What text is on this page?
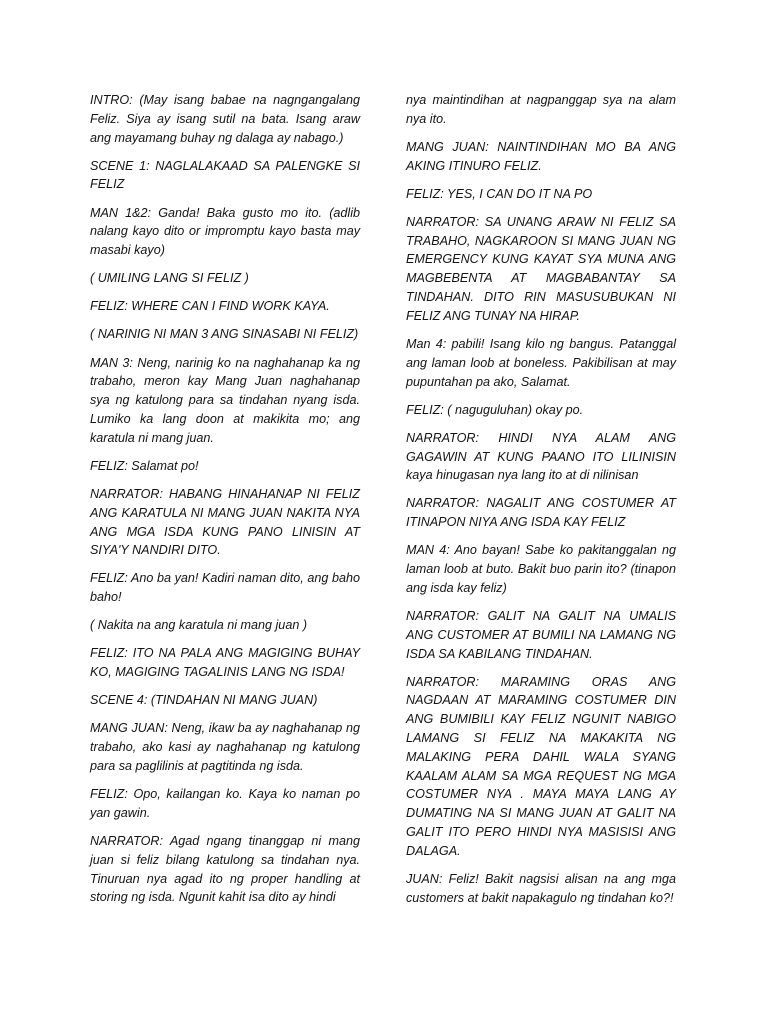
INTRO: (May isang babae na nagngangalang Feliz. Siya ay isang sutil na bata. Isang araw ang mayamang buhay ng dalaga ay nabago.)

SCENE 1: NAGLALAKAAD SA PALENGKE SI FELIZ

MAN 1&2: Ganda! Baka gusto mo ito. (adlib nalang kayo dito or impromptu kayo basta may masabi kayo)

( UMILING LANG SI FELIZ )

FELIZ: WHERE CAN I FIND WORK KAYA.

( NARINIG NI MAN 3 ANG SINASABI NI FELIZ)

MAN 3: Neng, narinig ko na naghahanap ka ng trabaho, meron kay Mang Juan naghahanap sya ng katulong para sa tindahan nyang isda. Lumiko ka lang doon at makikita mo; ang karatula ni mang juan.

FELIZ: Salamat po!

NARRATOR: HABANG HINAHANAP NI FELIZ ANG KARATULA NI MANG JUAN NAKITA NYA ANG MGA ISDA KUNG PANO LINISIN AT SIYA'Y NANDIRI DITO.

FELIZ: Ano ba yan! Kadiri naman dito, ang baho baho!

( Nakita na ang karatula ni mang juan )

FELIZ: ITO NA PALA ANG MAGIGING BUHAY KO, MAGIGING TAGALINIS LANG NG ISDA!

SCENE 4: (TINDAHAN NI MANG JUAN)

MANG JUAN: Neng, ikaw ba ay naghahanap ng trabaho, ako kasi ay naghahanap ng katulong para sa paglilinis at pagtitinda ng isda.

FELIZ: Opo, kailangan ko. Kaya ko naman po yan gawin.

NARRATOR: Agad ngang tinanggap ni mang juan si feliz bilang katulong sa tindahan nya. Tinuruan nya agad ito ng proper handling at storing ng isda. Ngunit kahit isa dito ay hindi

nya maintindihan at nagpanggap sya na alam nya ito.

MANG JUAN: NAINTINDIHAN MO BA ANG AKING ITINURO FELIZ.

FELIZ: YES, I CAN DO IT NA PO

NARRATOR: SA UNANG ARAW NI FELIZ SA TRABAHO, NAGKAROON SI MANG JUAN NG EMERGENCY KUNG KAYAT SYA MUNA ANG MAGBEBENTA AT MAGBABANTAY SA TINDAHAN. DITO RIN MASUSUBUKAN NI FELIZ ANG TUNAY NA HIRAP.

Man 4: pabili! Isang kilo ng bangus. Patanggal ang laman loob at boneless. Pakibilisan at may pupuntahan pa ako, Salamat.

FELIZ: ( naguguluhan) okay po.

NARRATOR: HINDI NYA ALAM ANG GAGAWIN AT KUNG PAANO ITO LILINISIN kaya hinugasan nya lang ito at di nilinisan

NARRATOR: NAGALIT ANG COSTUMER AT ITINAPON NIYA ANG ISDA KAY FELIZ

MAN 4: Ano bayan! Sabe ko pakitanggalan ng laman loob at buto. Bakit buo parin ito? (tinapon ang isda kay feliz)

NARRATOR: GALIT NA GALIT NA UMALIS ANG CUSTOMER AT BUMILI NA LAMANG NG ISDA SA KABILANG TINDAHAN.

NARRATOR: MARAMING ORAS ANG NAGDAAN AT MARAMING COSTUMER DIN ANG BUMIBILI KAY FELIZ NGUNIT NABIGO LAMANG SI FELIZ NA MAKAKITA NG MALAKING PERA DAHIL WALA SYANG KAALAM ALAM SA MGA REQUEST NG MGA COSTUMER NYA . MAYA MAYA LANG AY DUMATING NA SI MANG JUAN AT GALIT NA GALIT ITO PERO HINDI NYA MASISISI ANG DALAGA.

JUAN: Feliz! Bakit nagsisi alisan na ang mga customers at bakit napakagulo ng tindahan ko?!
